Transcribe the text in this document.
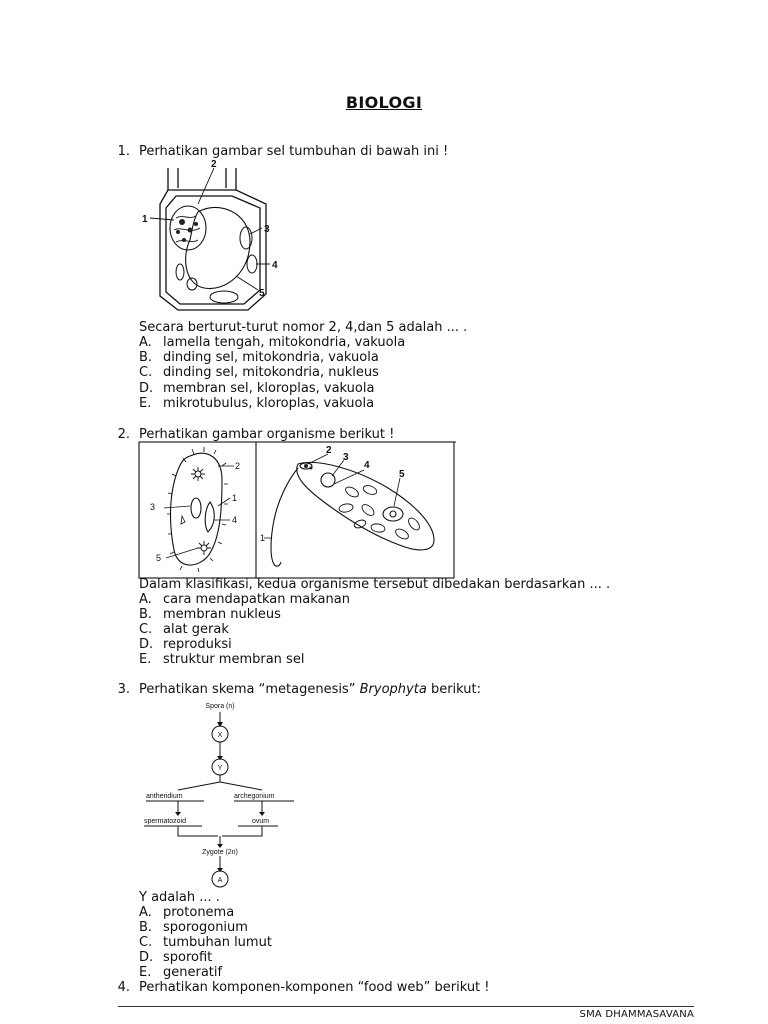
BIOLOGI
1. Perhatikan gambar sel tumbuhan di bawah ini !
1
2
3
4
5
Secara berturut-turut nomor 2, 4,dan 5 adalah ... .
A. lamella tengah, mitokondria, vakuola
B. dinding sel, mitokondria, vakuola
C. dinding sel, mitokondria, nukleus
D. membran sel, kloroplas, vakuola
E. mikrotubulus, kloroplas, vakuola
2. Perhatikan gambar organisme berikut !
2
3
1
4
5
2
3
4
5
1
Dalam klasifikasi, kedua organisme tersebut dibedakan berdasarkan ... .
A. cara mendapatkan makanan
B. membran nukleus
C. alat gerak
D. reproduksi
E. struktur membran sel
3. Perhatikan skema “metagenesis” Bryophyta berikut:
Spora (n)
X
Y
antheridium	archegonium
spermatozoid	ovum
Zygote (2n)
A
Y adalah ... .
A. protonema
B. sporogonium
C. tumbuhan lumut
D. sporofit
E. generatif
4. Perhatikan komponen-komponen “food web” berikut !
SMA DHAMMASAVANA
